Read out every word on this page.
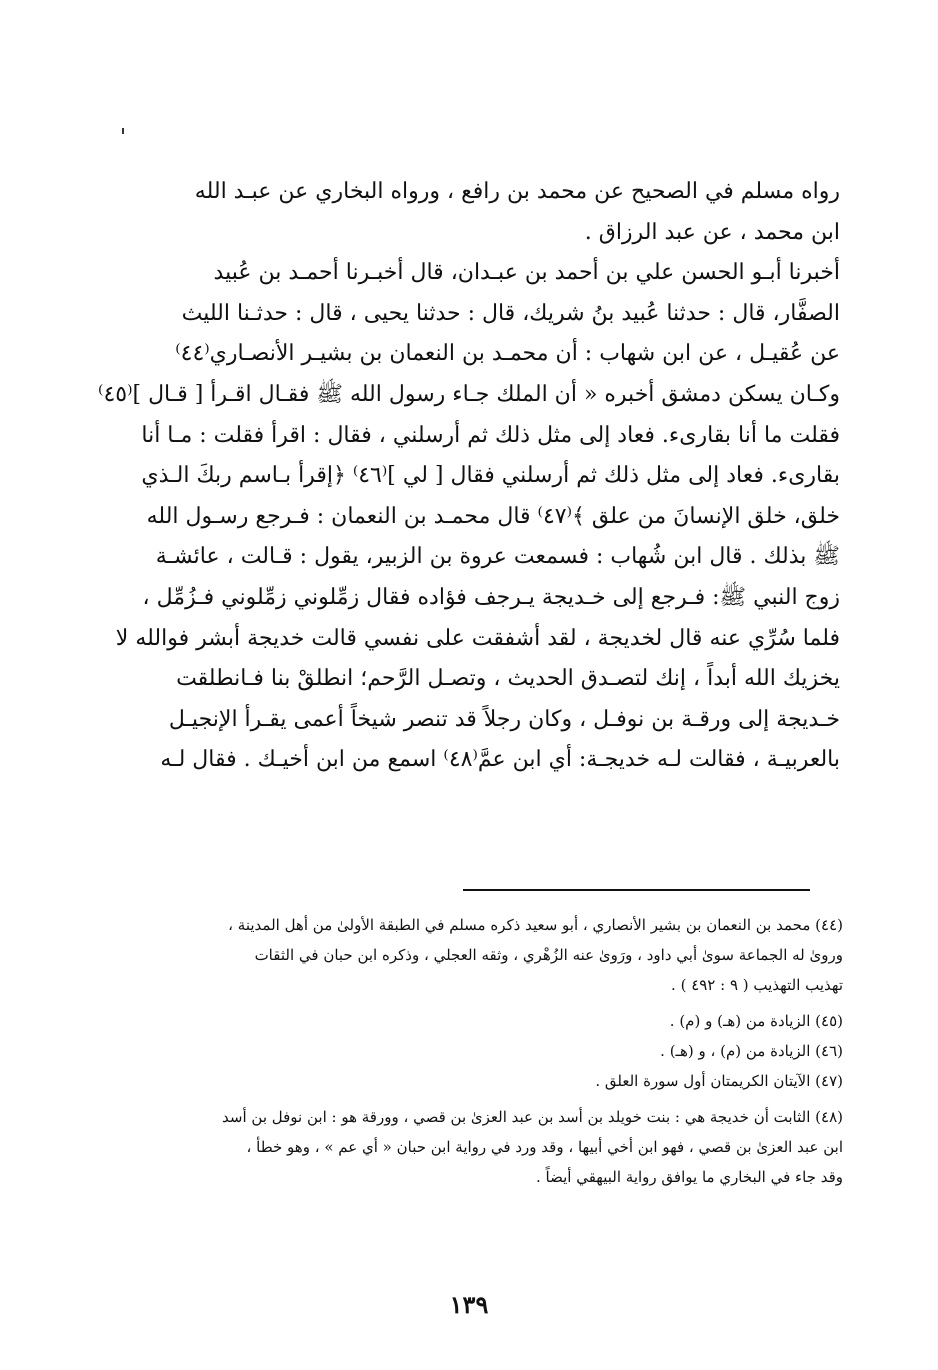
رواه مسلم في الصحيح عن محمد بن رافع ، ورواه البخاري عن عبـد الله
ابن محمد ، عن عبد الرزاق .
أخبرنا أبـو الحسن علي بن أحمد بن عبـدان، قال أخبـرنا أحمـد بن عُبيد
الصفَّار، قال : حدثنا عُبيد بنُ شريك، قال : حدثنا يحيى ، قال : حدثـنا الليث
عن عُقيـل ، عن ابن شهاب : أن محمـد بن النعمان بن بشيـر الأنصـاري⁽٤٤⁾
وكـان يسكن دمشق أخبره « أن الملك جـاء رسول الله ﷺ فقـال اقـرأ [ قـال ]⁽٤٥⁾
فقلت ما أنا بقارىء. فعاد إلى مثل ذلك ثم أرسلني ، فقال : اقرأ فقلت : مـا أنا
بقارىء. فعاد إلى مثل ذلك ثم أرسلني فقال [ لي ]⁽٤٦⁾ ﴿إقرأ بـاسم ربكَ الـذي
خلق، خلق الإنسانَ من علق ﴾⁽٤٧⁾ قال محمـد بن النعمان : فـرجع رسـول الله
ﷺ بذلك . قال ابن شُهاب : فسمعت عروة بن الزبير، يقول : قـالت ، عائشـة
زوج النبي ﷺ: فـرجع إلى خـديجة يـرجف فؤاده فقال زمِّلوني زمِّلوني فـزُمِّل ،
فلما سُرِّي عنه قال لخديجة ، لقد أشفقت على نفسي قالت خديجة أبشر فوالله لا
يخزيك الله أبداً ، إنك لتصـدق الحديث ، وتصـل الرَّحم؛ انطلقْ بنا فـانطلقت
خـديجة إلى ورقـة بن نوفـل ، وكان رجلاً قد تنصر شيخاً أعمى يقـرأ الإنجيـل
بالعربيـة ، فقالت لـه خديجـة: أي ابن عمَّ⁽٤٨⁾ اسمع من ابن أخيـك . فقال لـه
(٤٤) محمد بن النعمان بن بشير الأنصاري ، أبو سعيد ذكره مسلم في الطبقة الأولىٰ من أهل المدينة ،
وروىٰ له الجماعة سوىٰ أبي داود ، ورَوىٰ عنه الزُهْري ، وثقه العجلي ، وذكره ابن حبان في الثقات
تهذيب التهذيب ( ٩ : ٤٩٢ ) .
(٤٥) الزيادة من (هـ) و (م) .
(٤٦) الزيادة من (م) ، و (هـ) .
(٤٧) الآيتان الكريمتان أول سورة العلق .
(٤٨) الثابت أن خديجة هي : بنت خويلد بن أسد بن عبد العزىٰ بن قصي ، وورقة هو : ابن نوفل بن أسد
ابن عبد العزىٰ بن قصي ، فهو ابن أخي أبيها ، وقد ورد في رواية ابن حبان « أي عم » ، وهو خطأ ،
وقد جاء في البخاري ما يوافق رواية البيهقي أيضاً .
١٣٩
